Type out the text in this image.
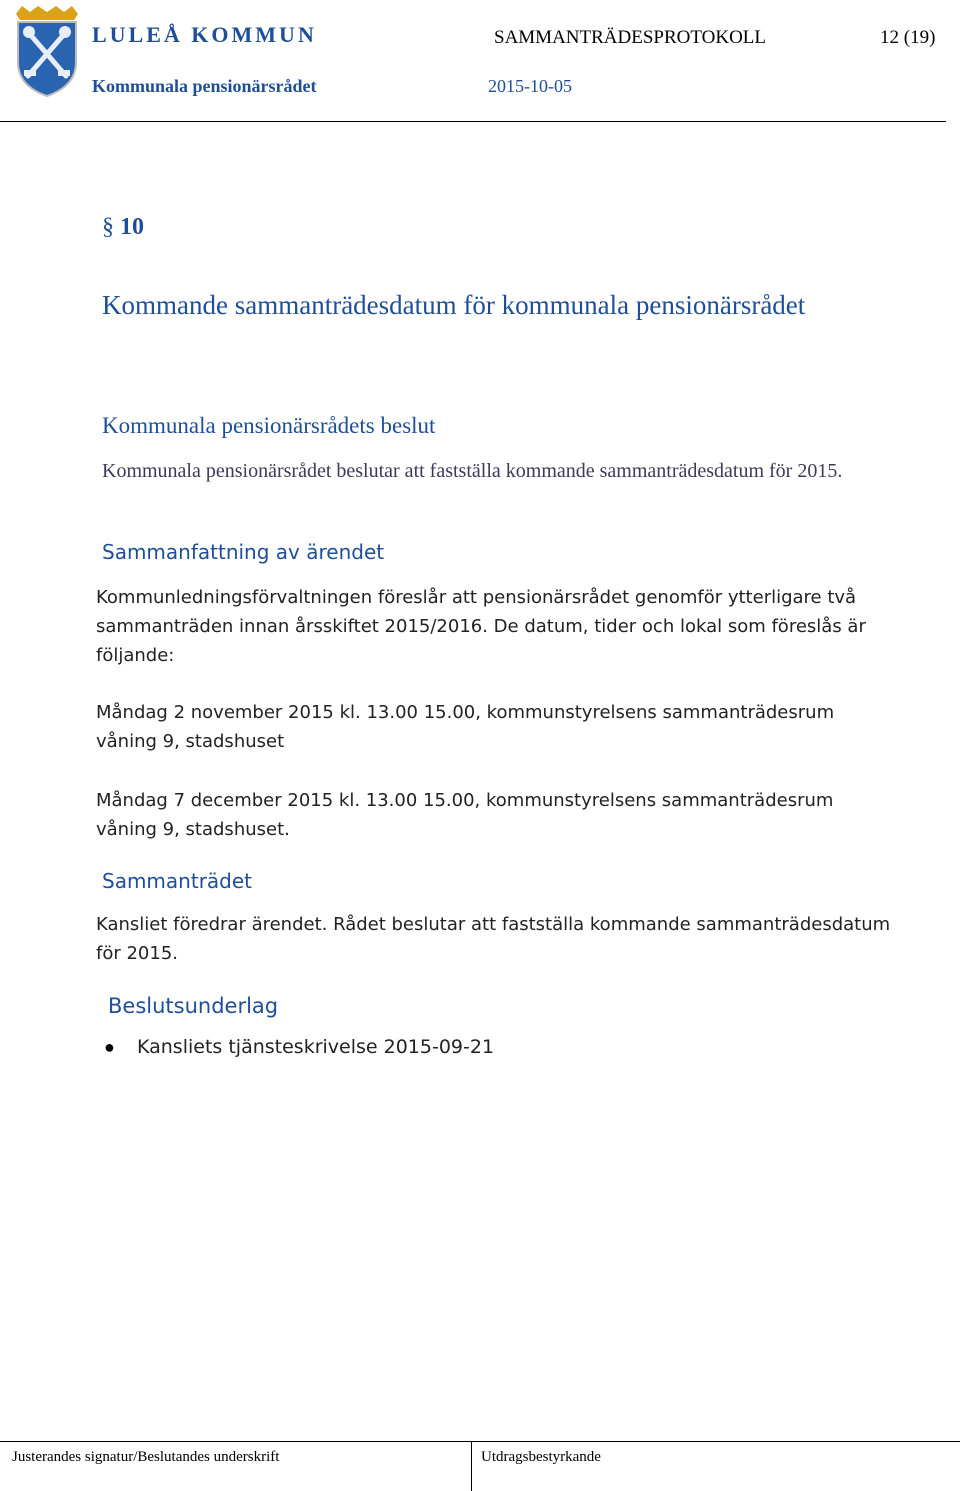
LULEÅ KOMMUN
Kommunala pensionärsrådet
SAMMANTRÄDESPROTOKOLL	12 (19)
2015-10-05
§ 10
Kommande sammanträdesdatum för kommunala pensionärsrådet
Kommunala pensionärsrådets beslut
Kommunala pensionärsrådet beslutar att fastställa kommande sammanträdesdatum för 2015.
Sammanfattning av ärendet
Kommunledningsförvaltningen föreslår att pensionärsrådet genomför ytterligare två sammanträden innan årsskiftet 2015/2016. De datum, tider och lokal som föreslås är följande:
Måndag 2 november 2015 kl. 13.00 15.00, kommunstyrelsens sammanträdesrum våning 9, stadshuset
Måndag 7 december 2015 kl. 13.00 15.00, kommunstyrelsens sammanträdesrum våning 9, stadshuset.
Sammanträdet
Kansliet föredrar ärendet. Rådet beslutar att fastställa kommande sammanträdesdatum för 2015.
Beslutsunderlag
● Kansliets tjänsteskrivelse 2015-09-21
Justerandes signatur/Beslutandes underskrift	Utdragsbestyrkande
